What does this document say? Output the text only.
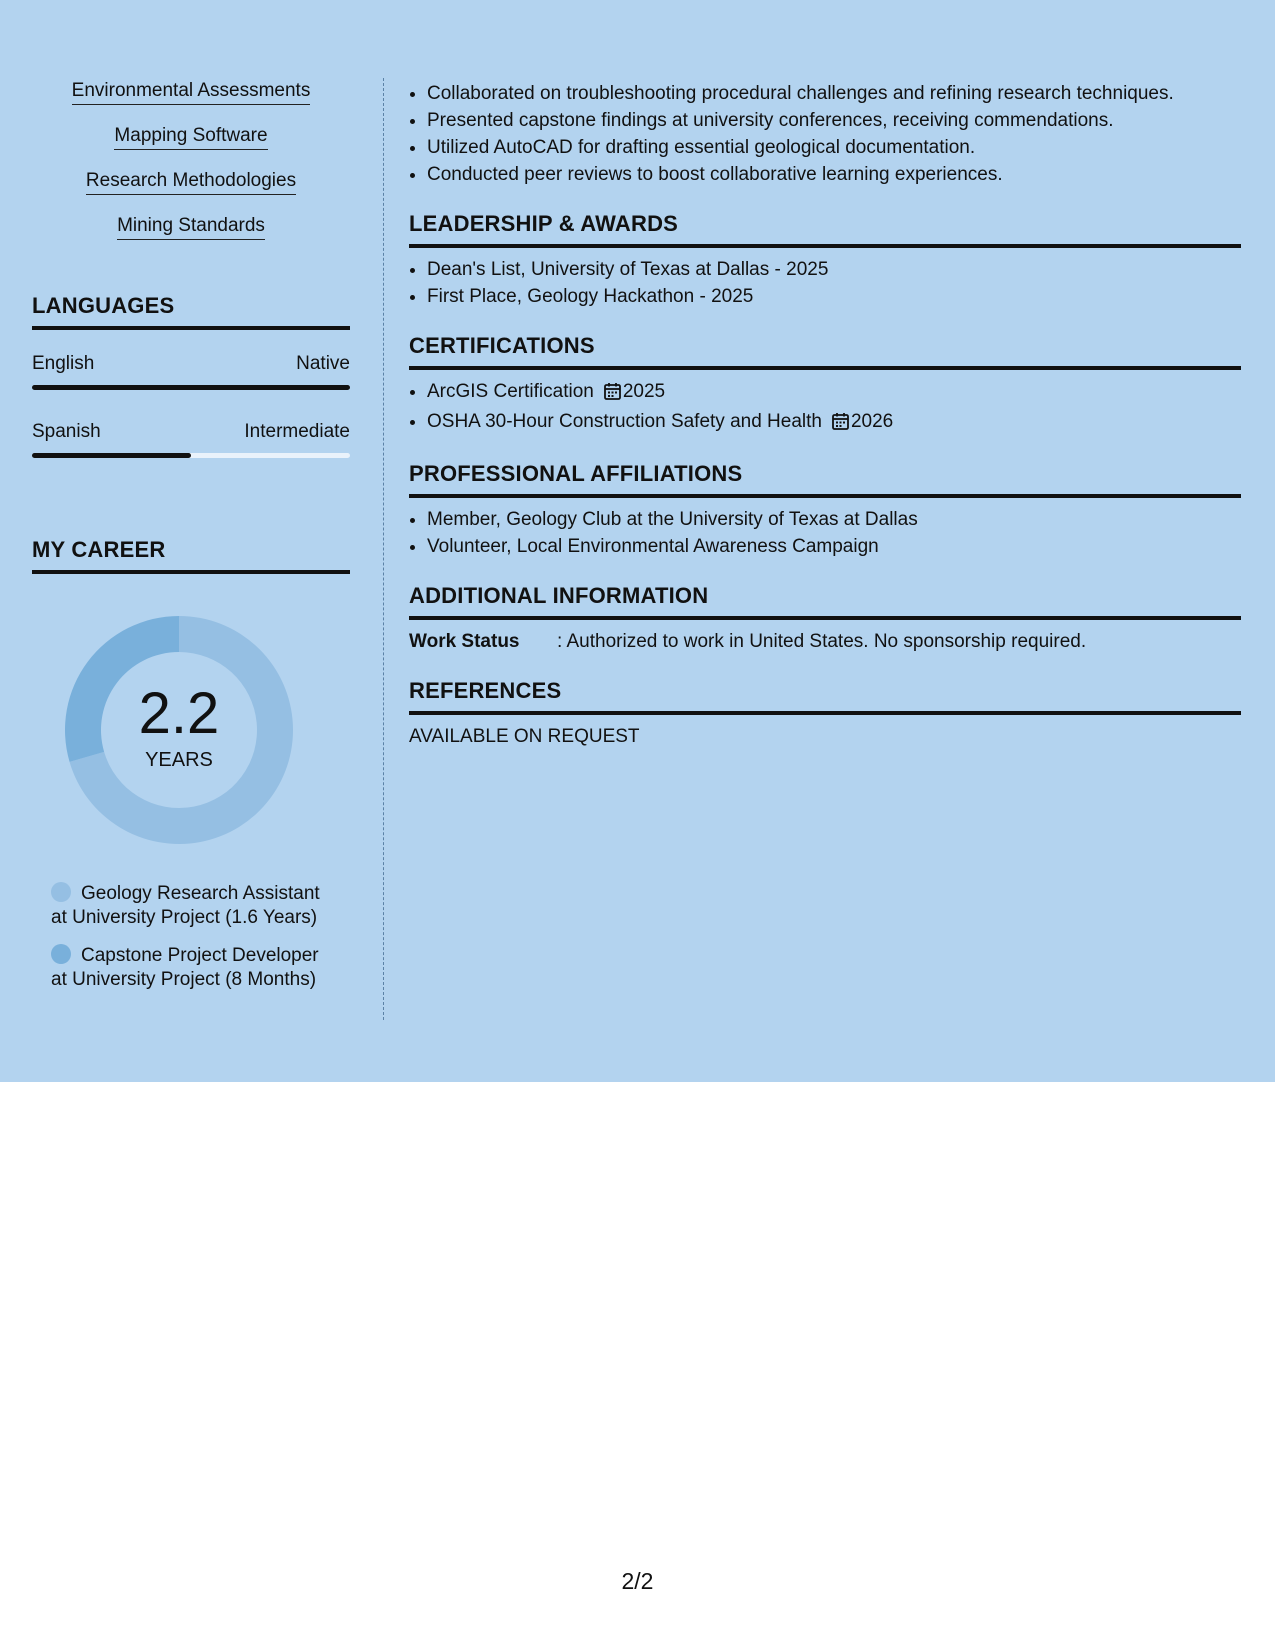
Environmental Assessments
Mapping Software
Research Methodologies
Mining Standards
LANGUAGES
English	Native
Spanish	Intermediate
MY CAREER
2.2
YEARS
Geology Research Assistant
at University Project (1.6 Years)
Capstone Project Developer
at University Project (8 Months)
• Collaborated on troubleshooting procedural challenges and refining research techniques.
• Presented capstone findings at university conferences, receiving commendations.
• Utilized AutoCAD for drafting essential geological documentation.
• Conducted peer reviews to boost collaborative learning experiences.
LEADERSHIP & AWARDS
• Dean's List, University of Texas at Dallas - 2025
• First Place, Geology Hackathon - 2025
CERTIFICATIONS
• ArcGIS Certification 2025
• OSHA 30-Hour Construction Safety and Health 2026
PROFESSIONAL AFFILIATIONS
• Member, Geology Club at the University of Texas at Dallas
• Volunteer, Local Environmental Awareness Campaign
ADDITIONAL INFORMATION
Work Status	: Authorized to work in United States. No sponsorship required.
REFERENCES
AVAILABLE ON REQUEST
2/2
